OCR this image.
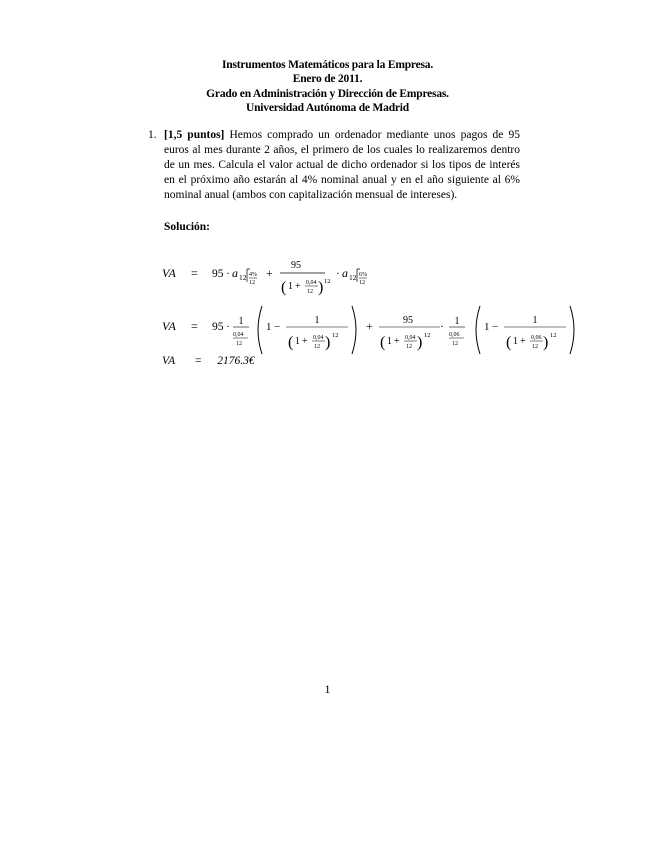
Instrumentos Matemáticos para la Empresa.
Enero de 2011.
Grado en Administración y Dirección de Empresas.
Universidad Autónoma de Madrid
1. [1,5 puntos] Hemos comprado un ordenador mediante unos pagos de 95 euros al mes durante 2 años, el primero de los cuales lo realizaremos dentro de un mes. Calcula el valor actual de dicho ordenador si los tipos de interés en el próximo año estarán al 4% nominal anual y en el año siguiente al 6% nominal anual (ambos con capitalización mensual de intereses).
Solución:
VA = 95 · a 12 4%
12
+
95
( 1 + 0,04
12 ) 12
· a 12 6%
12
VA = 95 · 1
0,04
12
1 −
1
( 1 + 0,04
12 ) 12
+	95
( 1 + 0,04
12 ) 12
· 1
0,06
12
1 −
1
( 1 + 0,06
12 ) 12
VA = 2176.3€
1
